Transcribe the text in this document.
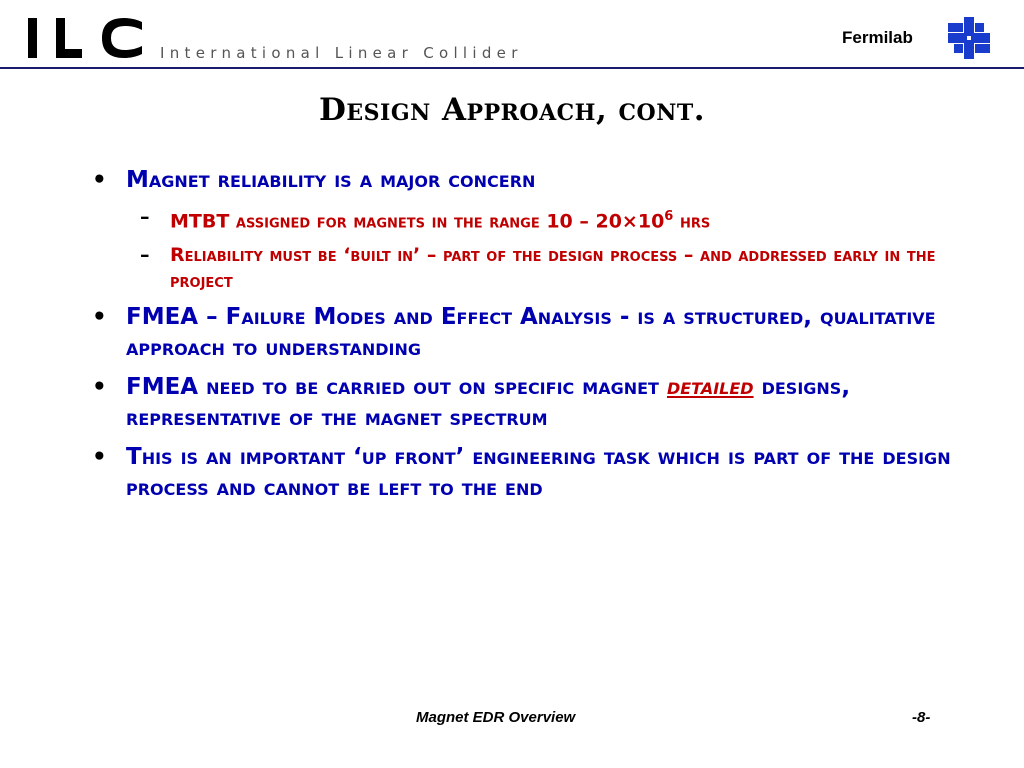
International Linear Collider
Fermilab
Design Approach, cont.
• Magnet reliability is a major concern
– MTBT assigned for magnets in the range $10 - 20\times 10^6$ hrs
– Reliability must be ‘built in’ – part of the design process – and addressed early in the project
• FMEA – Failure Modes and Effect Analysis - is a structured, qualitative approach to understanding
• FMEA need to be carried out on specific magnet detailed designs, representative of the magnet spectrum
• This is an important ‘up front’ engineering task which is part of the design process and cannot be left to the end
Magnet EDR Overview	-8-
